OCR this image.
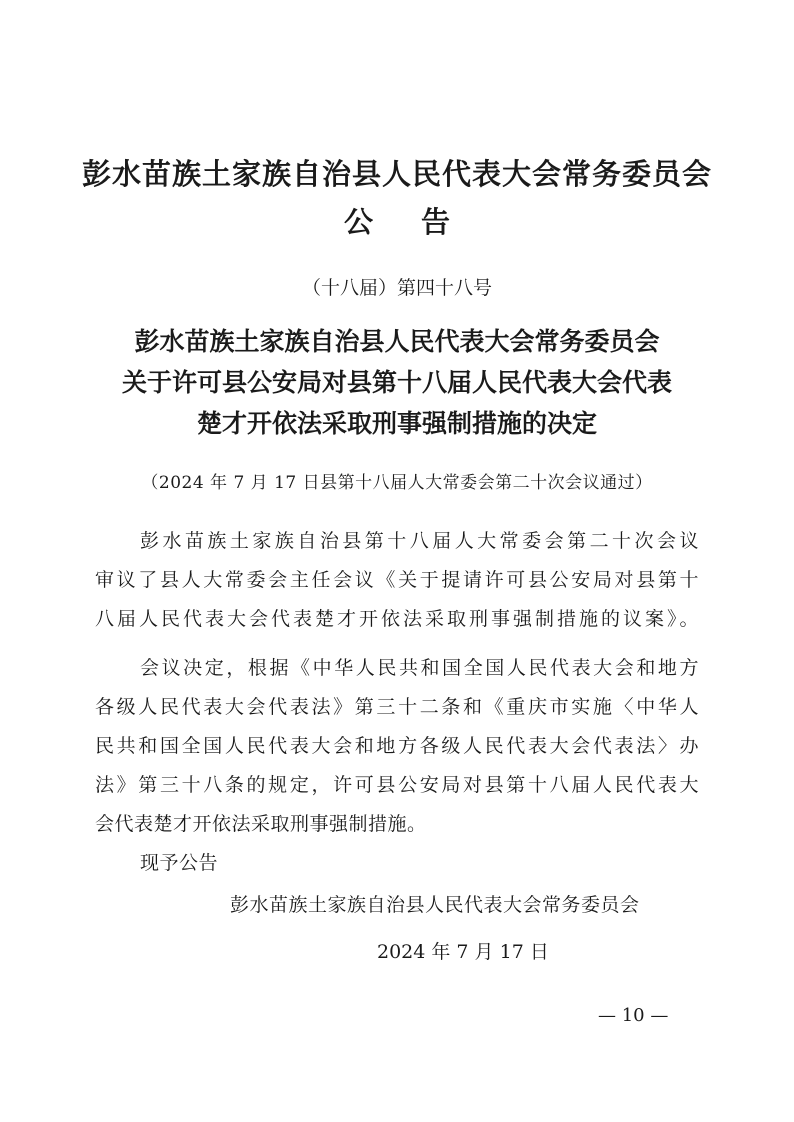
彭水苗族土家族自治县人民代表大会常务委员会
公告
（十八届）第四十八号
彭水苗族土家族自治县人民代表大会常务委员会
关于许可县公安局对县第十八届人民代表大会代表
楚才开依法采取刑事强制措施的决定
（2024 年 7 月 17 日县第十八届人大常委会第二十次会议通过）
彭水苗族土家族自治县第十八届人大常委会第二十次会议
审议了县人大常委会主任会议《关于提请许可县公安局对县第十
八届人民代表大会代表楚才开依法采取刑事强制措施的议案》。
会议决定，根据《中华人民共和国全国人民代表大会和地方
各级人民代表大会代表法》第三十二条和《重庆市实施〈中华人
民共和国全国人民代表大会和地方各级人民代表大会代表法〉办
法》第三十八条的规定，许可县公安局对县第十八届人民代表大
会代表楚才开依法采取刑事强制措施。
现予公告
彭水苗族土家族自治县人民代表大会常务委员会
2024 年 7 月 17 日
— 10 —
